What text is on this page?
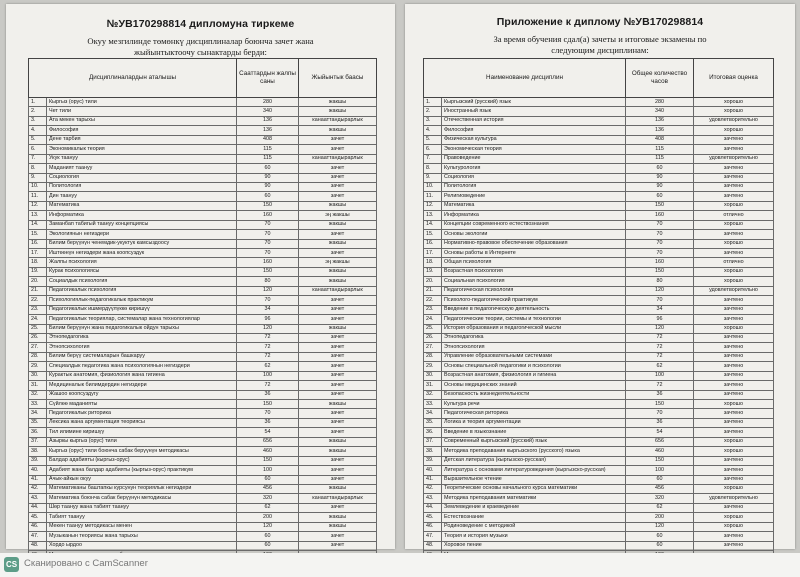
№УВ170298814 дипломуна тиркеме
Окуу мезгилинде төмөнкү дисциплиналар боюнча зачет жана
жыйынтыктоочу сынактарды берди:
Дисциплиналардын аталышы		Сааттардын жалпы саны	Жыйынтык баасы
1.	Кыргыз (орус) тили	280	жакшы
2.	Чет тили	340	жакшы
3.	Ата мекен тарыхы	136	канааттандырарлык
4.	Философия	136	жакшы
5.	Дене тарбия	408	зачет
6.	Экономикалык теория	115	зачет
7.	Укук таануу	115	канааттандырарлык
8.	Маданият таануу	60	зачет
9.	Социология	90	зачет
10.	Политология	90	зачет
11.	Дин таануу	60	зачет
12.	Математика	150	жакшы
13.	Информатика	160	эң жакшы
14.	Заманбап табигый таануу концепциясы	70	жакшы
15.	Экологиянын негиздери	70	зачет
16.	Билим берүүнүн ченемдик-укуктук камсыздоосу	70	жакшы
17.	Иштөөнүн негиздери жана коопсуздук	70	зачет
18.	Жалпы психология	160	эң жакшы
19.	Курак психологиясы	150	жакшы
20.	Социалдык психология	80	жакшы
21.	Педагогикалык психология	120	канааттандырарлык
22.	Психологиялык-педагогикалык практикум	70	зачет
23.	Педагогикалык ишмердүүлүккө киришүү	34	зачет
24.	Педагогикалык теориялар, системалар жана технологиялар	96	зачет
25.	Билим берүүнүн жана педагогикалык ойдун тарыхы	120	жакшы
26.	Этнопедагогика	72	зачет
27.	Этнопсихология	72	зачет
28.	Билим берүү системаларын башкаруу	72	зачет
29.	Специалдык педагогика жана психологиянын негиздери	62	зачет
30.	Курактык анатомия, физиология жана гигиена	100	зачет
31.	Медициналык билимдердин негиздери	72	зачет
32.	Жашоо коопсуздугу	36	зачет
33.	Сүйлөө маданияты	150	жакшы
34.	Педагогикалык риторика	70	зачет
35.	Лексика жана аргументация теориясы	36	зачет
36.	Тил илимине киришүү	54	зачет
37.	Азыркы кыргыз (орус) тили	656	жакшы
38.	Кыргыз (орус) тили боюнча сабак берүүнүн методикасы	460	жакшы
39.	Балдар адабияты (кыргыз-орус)	150	зачет
40.	Адабият жана балдар адабияты (кыргыз-орус) практикум	100	зачет
41.	Ачык-айкын окуу	60	зачет
42.	Математиканы баштапкы курсунун теориялык негиздери	456	жакшы
43.	Математика боюнча сабак берүүнүн методикасы	320	канааттандырарлык
44.	Шөр таануу жана табият таануу	62	зачет
45.	Табият таануу	200	жакшы
46.	Мекен таануу методикасы менен	120	жакшы
47.	Музыканын теориясы жана тарыхы	60	зачет
48.	Хордо ырдоо	60	зачет

Приложение к диплому №УВ170298814
За время обучения сдал(а) зачеты и итоговые экзамены по
следующим дисциплинам:
Наименование дисциплин		Общее количество часов	Итоговая оценка
1.	Кыргызский (русский) язык	280	хорошо
2.	Иностранный язык	340	хорошо
3.	Отечественная история	136	удовлетворительно
4.	Философия	136	хорошо
5.	Физическая культура	408	зачтено
6.	Экономическая теория	115	зачтено
7.	Правоведение	115	удовлетворительно
8.	Культурология	60	зачтено
9.	Социология	90	зачтено
10.	Политология	90	зачтено
11.	Религиоведение	60	зачтено
12.	Математика	150	хорошо
13.	Информатика	160	отлично
14.	Концепции современного естествознания	70	хорошо
15.	Основы экологии	70	зачтено
16.	Нормативно-правовое обеспечение образования	70	хорошо
17.	Основы работы в Интернете	70	зачтено
18.	Общая психология	160	отлично
19.	Возрастная психология	150	хорошо
20.	Социальная психология	80	хорошо
21.	Педагогическая психология	120	удовлетворительно
22.	Психолого-педагогический практикум	70	зачтено
23.	Введение в педагогическую деятельность	34	зачтено
24.	Педагогические теории, системы и технологии	96	зачтено
25.	История образования и педагогической мысли	120	хорошо
26.	Этнопедагогика	72	зачтено
27.	Этнопсихология	72	зачтено
28.	Управление образовательными системами	72	зачтено
29.	Основы специальной педагогики и психологии	62	зачтено
30.	Возрастная анатомия, физиология и гигиена	100	зачтено
31.	Основы медицинских знаний	72	зачтено
32.	Безопасность жизнедеятельности	36	зачтено
33.	Культура речи	150	хорошо
34.	Педагогическая риторика	70	зачтено
35.	Логика и теория аргументации	36	зачтено
36.	Введение в языкознание	54	зачтено
37.	Современный кыргызский (русский) язык	656	хорошо
38.	Методика преподавания кыргызского (русского) языка	460	хорошо
39.	Детская литература (кыргызско-русская)	150	зачтено
40.	Литература с основами литературоведения (кыргызско-русская)	100	зачтено
41.	Выразительное чтение	60	зачтено
42.	Теоретические основы начального курса математики	456	хорошо
43.	Методика преподавания математики	320	удовлетворительно
44.	Землеведение и краеведение	62	зачтено
45.	Естествознание	200	хорошо
46.	Родиноведение с методикой	120	хорошо
47.	Теория и история музыки	60	зачтено
48.	Хоровое пение	60	зачтено

CS Сканировано с CamScanner
